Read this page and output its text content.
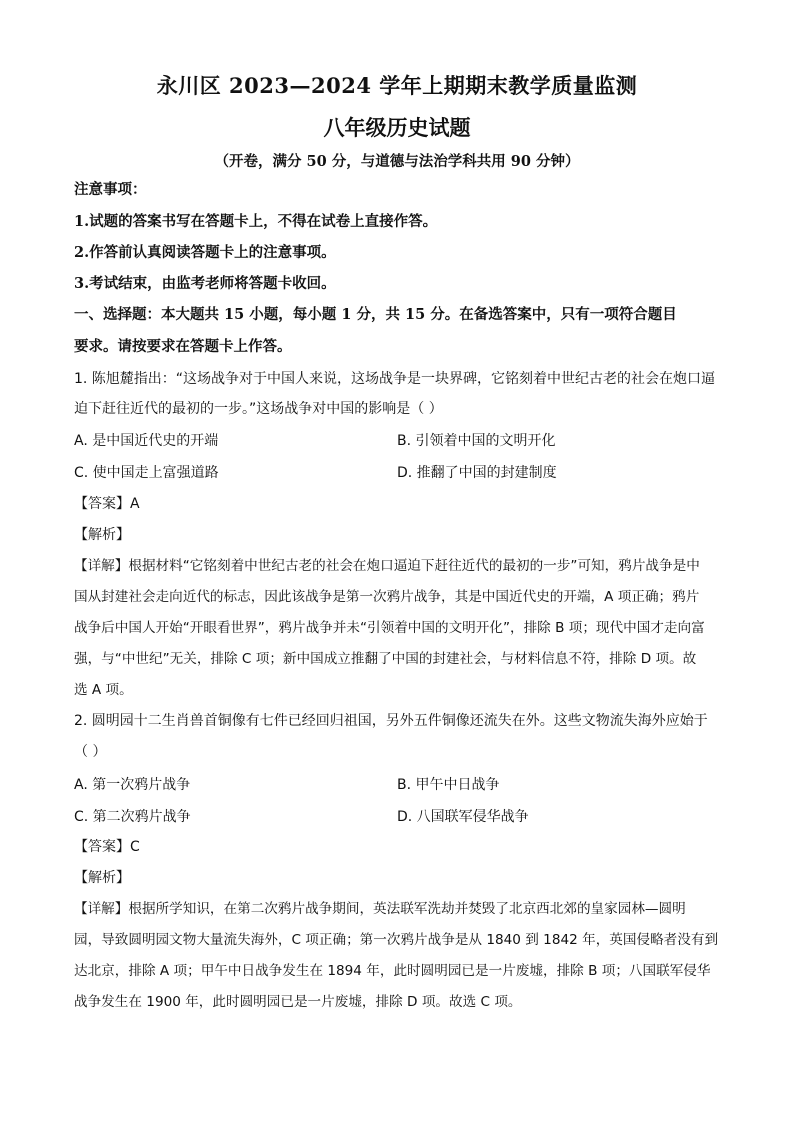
永川区 2023—2024 学年上期期末教学质量监测
八年级历史试题
（开卷，满分 50 分，与道德与法治学科共用 90 分钟）
注意事项：
1.试题的答案书写在答题卡上，不得在试卷上直接作答。
2.作答前认真阅读答题卡上的注意事项。
3.考试结束，由监考老师将答题卡收回。
一、选择题：本大题共 15 小题，每小题 1 分，共 15 分。在备选答案中，只有一项符合题目
要求。请按要求在答题卡上作答。
1. 陈旭麓指出：“这场战争对于中国人来说，这场战争是一块界碑，它铭刻着中世纪古老的社会在炮口逼
迫下赶往近代的最初的一步。”这场战争对中国的影响是（ ）
A. 是中国近代史的开端	B. 引领着中国的文明开化
C. 使中国走上富强道路	D. 推翻了中国的封建制度
【答案】A
【解析】
【详解】根据材料“它铭刻着中世纪古老的社会在炮口逼迫下赶往近代的最初的一步”可知，鸦片战争是中
国从封建社会走向近代的标志，因此该战争是第一次鸦片战争，其是中国近代史的开端，A 项正确；鸦片
战争后中国人开始“开眼看世界”，鸦片战争并未“引领着中国的文明开化”，排除 B 项；现代中国才走向富
强，与“中世纪”无关，排除 C 项；新中国成立推翻了中国的封建社会，与材料信息不符，排除 D 项。故
选 A 项。
2. 圆明园十二生肖兽首铜像有七件已经回归祖国，另外五件铜像还流失在外。这些文物流失海外应始于
（ ）
A. 第一次鸦片战争	B. 甲午中日战争
C. 第二次鸦片战争	D. 八国联军侵华战争
【答案】C
【解析】
【详解】根据所学知识，在第二次鸦片战争期间，英法联军洗劫并焚毁了北京西北郊的皇家园林—圆明
园，导致圆明园文物大量流失海外，C 项正确；第一次鸦片战争是从 1840 到 1842 年，英国侵略者没有到
达北京，排除 A 项；甲午中日战争发生在 1894 年，此时圆明园已是一片废墟，排除 B 项；八国联军侵华
战争发生在 1900 年，此时圆明园已是一片废墟，排除 D 项。故选 C 项。
